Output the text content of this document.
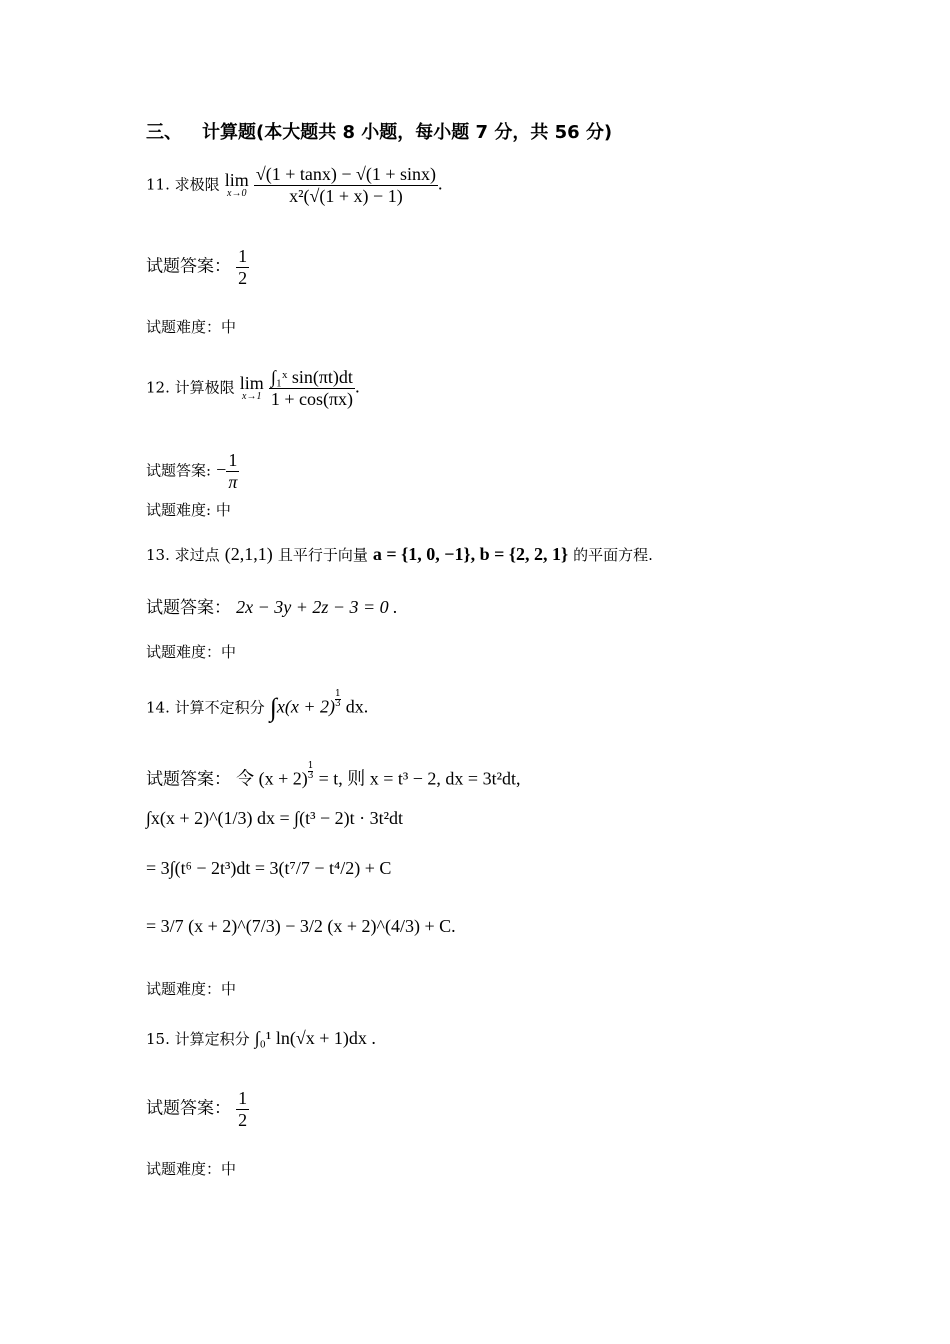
三、 计算题(本大题共 8 小题，每小题 7 分，共 56 分)
11. 求极限 lim
x→0
$\frac{√(1 + \tan x) - √(1 + \sin x)}{\text{x²(√(1 + x) − 1)}}$ .
试题答案： $\frac{1}{2}$
试题难度：中
12. 计算极限 lim
x→1
$\frac{\text{∫₁ˣ sin(πt)dt}}{1 + \cos(\pi x)}$ .
试题答案: − $\frac{1}{\pi}$
试题难度: 中
13. 求过点 (2,1,1) 且平行于向量 a = {1, 0, −1}, b = {2, 2, 1} 的平面方程.
试题答案： 2x − 3y + 2z − 3 = 0 .
试题难度：中
14. 计算不定积分 $\int x(x + 2) \frac{1}{3}$ dx.
试题答案： 令 $(x + 2) \frac{1}{3} = t$, 则 x = t³ − 2, dx = 3t²dt,
∫x(x + 2)^(1/3) dx = ∫(t³ − 2)t · 3t²dt
= 3∫(t⁶ − 2t³)dt = 3(t⁷/7 − t⁴/2) + C
= 3/7 (x + 2)^(7/3) − 3/2 (x + 2)^(4/3) + C.
试题难度：中
15. 计算定积分 ∫₀¹ ln(√x + 1)dx .
试题答案： $\frac{1}{2}$
试题难度：中
